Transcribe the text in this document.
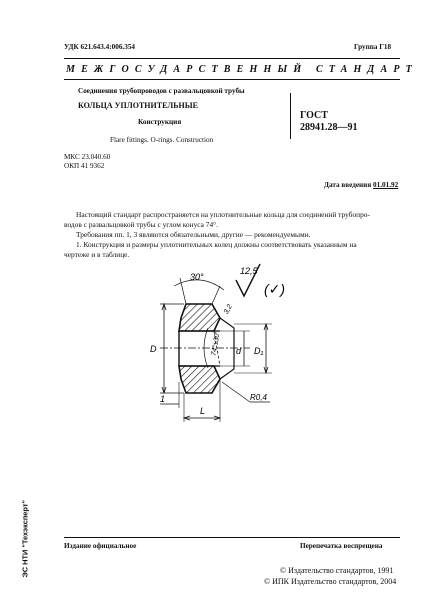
УДК 621.643.4:006.354	Группа Г18
МЕЖГОСУДАРСТВЕННЫЙ СТАНДАРТ
Соединения трубопроводов с развальцовкой трубы
КОЛЬЦА УПЛОТНИТЕЛЬНЫЕ
Конструкция
Flare fittings. O-rings. Construction
ГОСТ
28941.28—91
МКС 23.040.60
ОКП 41 9362
Дата введения 01.01.92
Настоящий стандарт распространяется на уплотнительные кольца для соединений трубопро-
водов с развальцовкой трубы с углом конуса 74°.
Требования пп. 1, 3 являются обязательными, другие — рекомендуемыми.
1. Конструкция и размеры уплотнительных колец должны соответствовать указанным на
чертеже и в таблице.
D	d D₁
30°
3,2
74°±30'
R0,4
L
1
12,5
(✓)
Издание официальное	Перепечатка воспрещена
© Издательство стандартов, 1991
© ИПК Издательство стандартов, 2004
ЭС НТИ "Техэксперт"
